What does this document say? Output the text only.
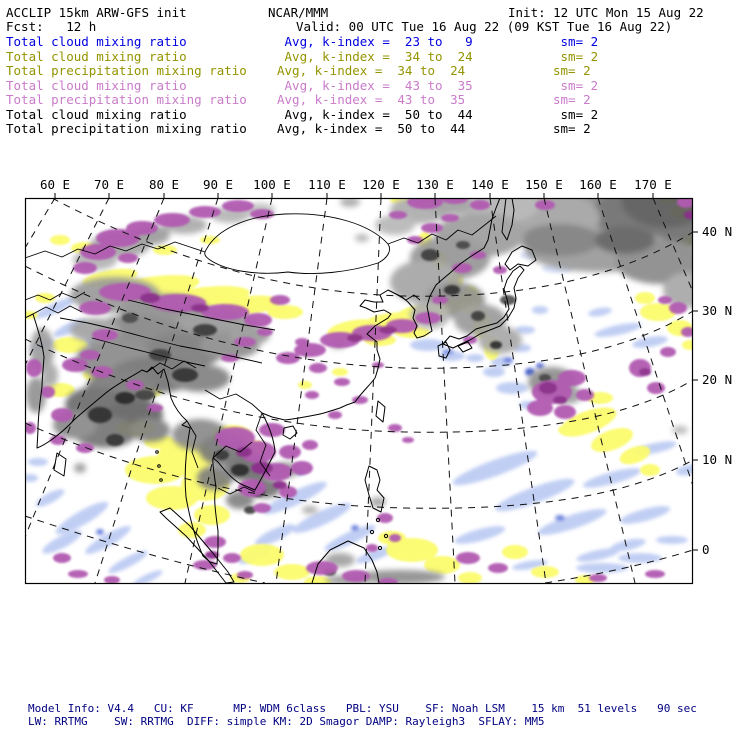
ACCLIP 15km ARW-GFS init	NCAR/MMM	Init: 12 UTC Mon 15 Aug 22
Fcst:   12 h	Valid: 00 UTC Tue 16 Aug 22 (09 KST Tue 16 Aug 22)
Total cloud mixing ratio	Avg, k-index =  23 to   9	sm= 2
Total cloud mixing ratio	Avg, k-index =  34 to  24	sm= 2
Total precipitation mixing ratio Avg, k-index =  34 to  24	sm= 2
Total cloud mixing ratio	Avg, k-index =  43 to  35	sm= 2
Total precipitation mixing ratio Avg, k-index =  43 to  35	sm= 2
Total cloud mixing ratio	Avg, k-index =  50 to  44	sm= 2
Total precipitation mixing ratio Avg, k-index =  50 to  44	sm= 2
60 E 70 E 80 E 90 E 100 E 110 E 120 E 130 E 140 E 150 E 160 E 170 E
40 N
30 N
20 N
10 N
0
Model Info: V4.4   CU: KF      MP: WDM 6class   PBL: YSU    SF: Noah LSM    15 km  51 levels   90 sec
LW: RRTMG    SW: RRTMG  DIFF: simple KM: 2D Smagor DAMP: Rayleigh3  SFLAY: MM5
